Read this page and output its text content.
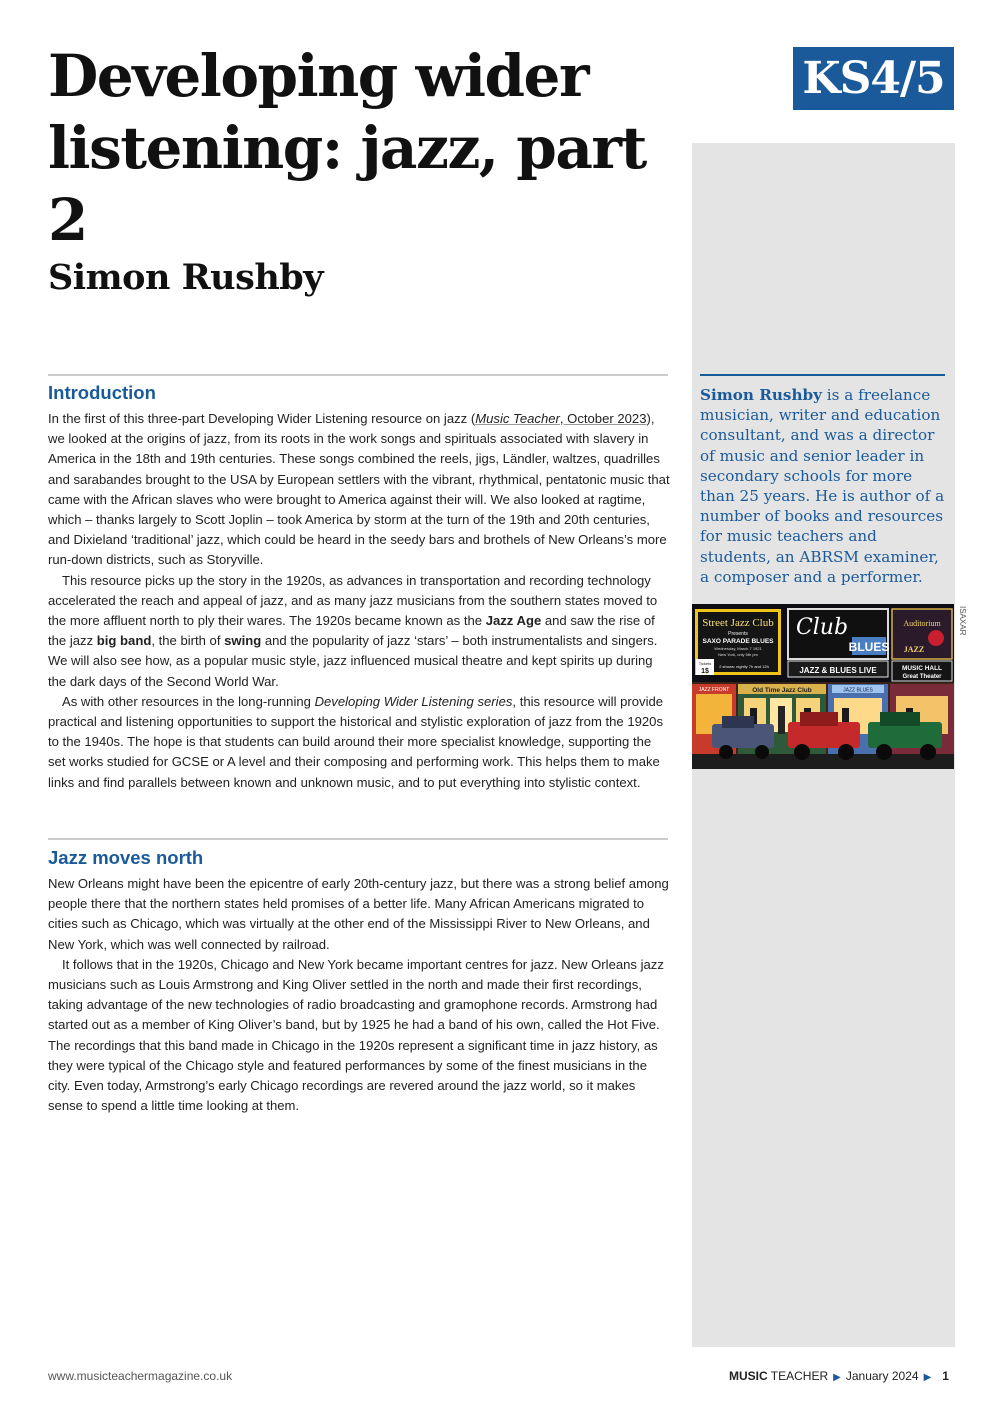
Developing wider
listening: jazz, part 2
Simon Rushby
KS4/5
Simon Rushby is a freelance musician, writer and education consultant, and was a director of music and senior leader in secondary schools for more than 25 years. He is author of a number of books and resources for music teachers and students, an ABRSM examiner, a composer and a performer.
Street Jazz Club
Presents
SAXO PARADE BLUES
Wednesday, March 7 1921
New York, only 5th pm
Tickets
1$
2 shows: nightly 7h and 12h
Club
BLUES
JAZZ & BLUES LIVE
Auditorium
JAZZ
MUSIC HALL
Great Theater
JAZZ FRONT	Old Time Jazz Club	JAZZ BLUES
ISAXAR
Introduction

In the first of this three-part Developing Wider Listening resource on jazz (Music Teacher, October 2023), we looked at the origins of jazz, from its roots in the work songs and spirituals associated with slavery in America in the 18th and 19th centuries. These songs combined the reels, jigs, Ländler, waltzes, quadrilles and sarabandes brought to the USA by European settlers with the vibrant, rhythmical, pentatonic music that came with the African slaves who were brought to America against their will. We also looked at ragtime, which – thanks largely to Scott Joplin – took America by storm at the turn of the 19th and 20th centuries, and Dixieland ‘traditional’ jazz, which could be heard in the seedy bars and brothels of New Orleans’s more run-down districts, such as Storyville.

This resource picks up the story in the 1920s, as advances in transportation and recording technology accelerated the reach and appeal of jazz, and as many jazz musicians from the southern states moved to the more affluent north to ply their wares. The 1920s became known as the Jazz Age and saw the rise of the jazz big band, the birth of swing and the popularity of jazz ‘stars’ – both instrumentalists and singers. We will also see how, as a popular music style, jazz influenced musical theatre and kept spirits up during the dark days of the Second World War.

As with other resources in the long-running Developing Wider Listening series, this resource will provide practical and listening opportunities to support the historical and stylistic exploration of jazz from the 1920s to the 1940s. The hope is that students can build around their more specialist knowledge, supporting the set works studied for GCSE or A level and their composing and performing work. This helps them to make links and find parallels between known and unknown music, and to put everything into stylistic context.

Jazz moves north

New Orleans might have been the epicentre of early 20th-century jazz, but there was a strong belief among people there that the northern states held promises of a better life. Many African Americans migrated to cities such as Chicago, which was virtually at the other end of the Mississippi River to New Orleans, and New York, which was well connected by railroad.

It follows that in the 1920s, Chicago and New York became important centres for jazz. New Orleans jazz musicians such as Louis Armstrong and King Oliver settled in the north and made their first recordings, taking advantage of the new technologies of radio broadcasting and gramophone records. Armstrong had started out as a member of King Oliver’s band, but by 1925 he had a band of his own, called the Hot Five. The recordings that this band made in Chicago in the 1920s represent a significant time in jazz history, as they were typical of the Chicago style and featured performances by some of the finest musicians in the city. Even today, Armstrong’s early Chicago recordings are revered around the jazz world, so it makes sense to spend a little time looking at them.

www.musicteachermagazine.co.uk	MUSIC TEACHER ▶ January 2024 ▶ 1
